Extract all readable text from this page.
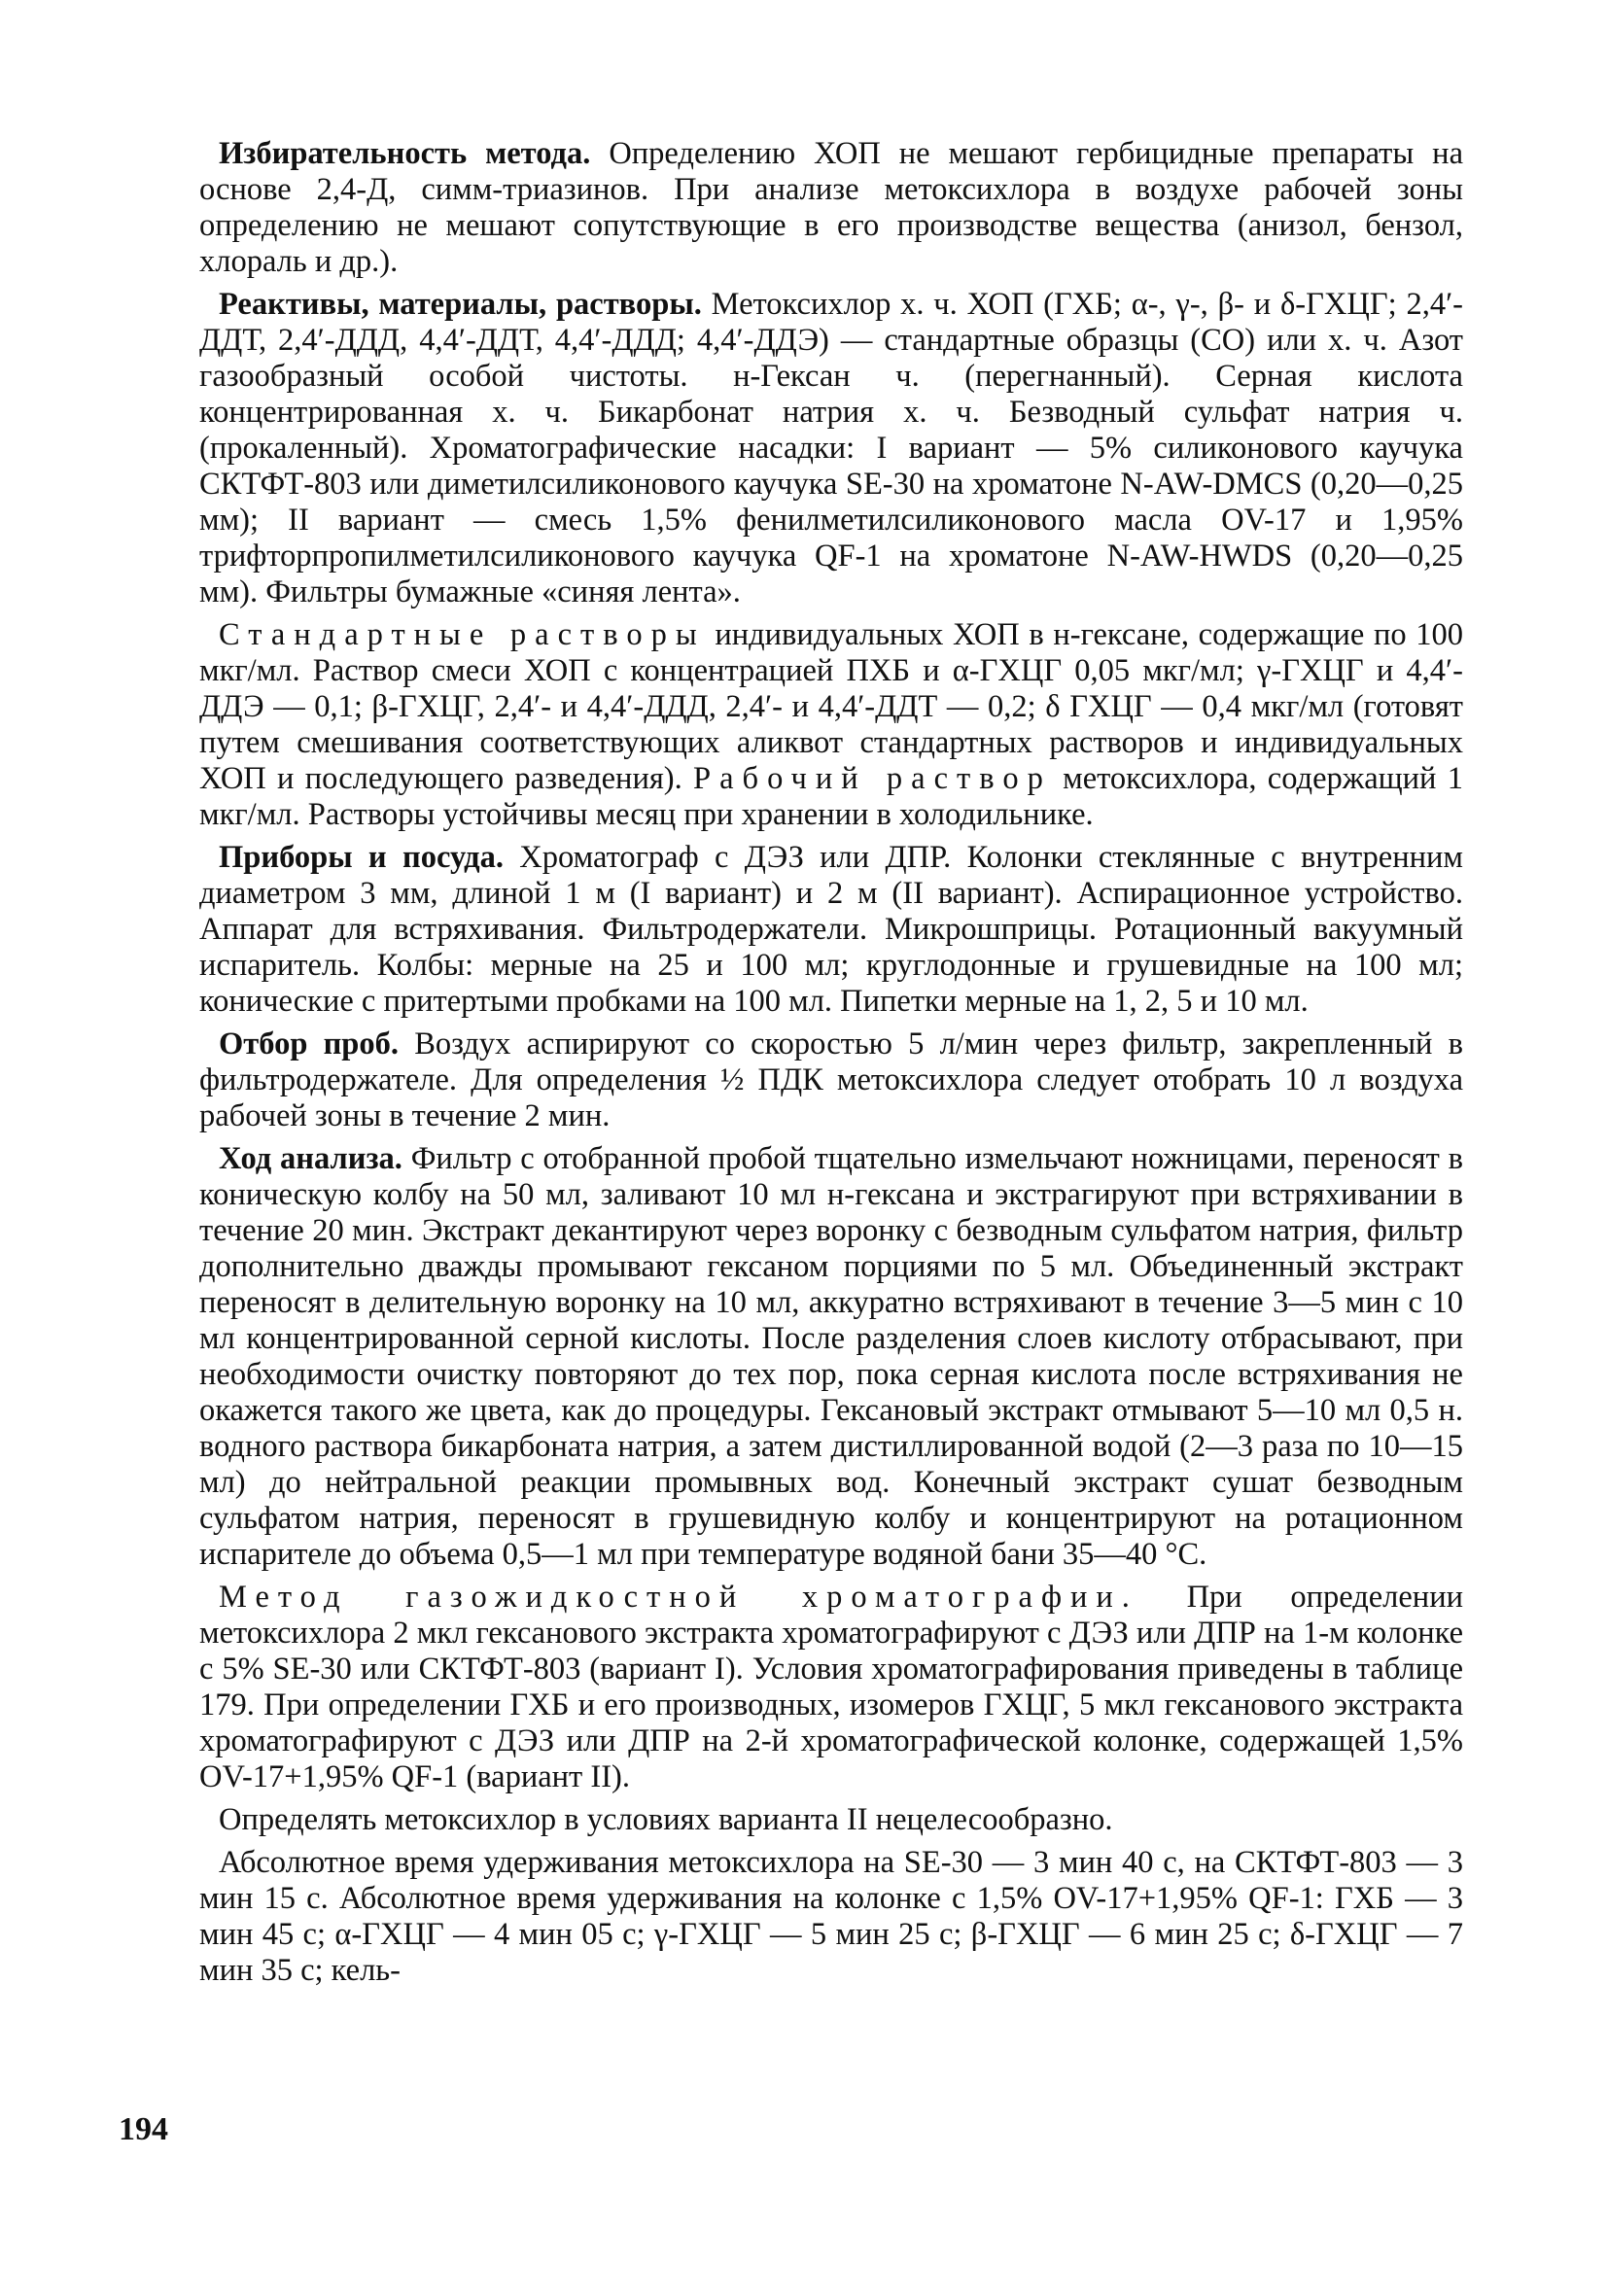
Избирательность метода. Определению ХОП не мешают гербицидные препараты на основе 2,4-Д, симм-триазинов. При анализе метоксихлора в воздухе рабочей зоны определению не мешают сопутствующие в его производстве вещества (анизол, бензол, хлораль и др.).

Реактивы, материалы, растворы. Метоксихлор х. ч. ХОП (ГХБ; α-, γ-, β- и δ-ГХЦГ; 2,4′-ДДТ, 2,4′-ДДД, 4,4′-ДДТ, 4,4′-ДДД; 4,4′-ДДЭ) — стандартные образцы (СО) или х. ч. Азот газообразный особой чистоты. н-Гексан ч. (перегнанный). Серная кислота концентрированная х. ч. Бикарбонат натрия х. ч. Безводный сульфат натрия ч. (прокаленный). Хроматографические насадки: I вариант — 5% силиконового каучука СКТФТ-803 или диметилсиликонового каучука SE-30 на хроматоне N-AW-DMCS (0,20—0,25 мм); II вариант — смесь 1,5% фенилметилсиликонового масла OV-17 и 1,95% трифторпропилметилсиликонового каучука QF-1 на хроматоне N-AW-HWDS (0,20—0,25 мм). Фильтры бумажные «синяя лента».

Стандартные растворы индивидуальных ХОП в н-гексане, содержащие по 100 мкг/мл. Раствор смеси ХОП с концентрацией ПХБ и α-ГХЦГ 0,05 мкг/мл; γ-ГХЦГ и 4,4′-ДДЭ — 0,1; β-ГХЦГ, 2,4′- и 4,4′-ДДД, 2,4′- и 4,4′-ДДТ — 0,2; δ ГХЦГ — 0,4 мкг/мл (готовят путем смешивания соответствующих аликвот стандартных растворов и индивидуальных ХОП и последующего разведения). Рабочий раствор метоксихлора, содержащий 1 мкг/мл. Растворы устойчивы месяц при хранении в холодильнике.

Приборы и посуда. Хроматограф с ДЭЗ или ДПР. Колонки стеклянные с внутренним диаметром 3 мм, длиной 1 м (I вариант) и 2 м (II вариант). Аспирационное устройство. Аппарат для встряхивания. Фильтродержатели. Микрошприцы. Ротационный вакуумный испаритель. Колбы: мерные на 25 и 100 мл; круглодонные и грушевидные на 100 мл; конические с притертыми пробками на 100 мл. Пипетки мерные на 1, 2, 5 и 10 мл.

Отбор проб. Воздух аспирируют со скоростью 5 л/мин через фильтр, закрепленный в фильтродержателе. Для определения ½ ПДК метоксихлора следует отобрать 10 л воздуха рабочей зоны в течение 2 мин.

Ход анализа. Фильтр с отобранной пробой тщательно измельчают ножницами, переносят в коническую колбу на 50 мл, заливают 10 мл н-гексана и экстрагируют при встряхивании в течение 20 мин. Экстракт декантируют через воронку с безводным сульфатом натрия, фильтр дополнительно дважды промывают гексаном порциями по 5 мл. Объединенный экстракт переносят в делительную воронку на 10 мл, аккуратно встряхивают в течение 3—5 мин с 10 мл концентрированной серной кислоты. После разделения слоев кислоту отбрасывают, при необходимости очистку повторяют до тех пор, пока серная кислота после встряхивания не окажется такого же цвета, как до процедуры. Гексановый экстракт отмывают 5—10 мл 0,5 н. водного раствора бикарбоната натрия, а затем дистиллированной водой (2—3 раза по 10—15 мл) до нейтральной реакции промывных вод. Конечный экстракт сушат безводным сульфатом натрия, переносят в грушевидную колбу и концентрируют на ротационном испарителе до объема 0,5—1 мл при температуре водяной бани 35—40 °С.

Метод газожидкостной хроматографии. При определении метоксихлора 2 мкл гексанового экстракта хроматографируют с ДЭЗ или ДПР на 1-м колонке с 5% SE-30 или СКТФТ-803 (вариант I). Условия хроматографирования приведены в таблице 179. При определении ГХБ и его производных, изомеров ГХЦГ, 5 мкл гексанового экстракта хроматографируют с ДЭЗ или ДПР на 2-й хроматографической колонке, содержащей 1,5% OV-17+1,95% QF-1 (вариант II).

Определять метоксихлор в условиях варианта II нецелесообразно.

Абсолютное время удерживания метоксихлора на SE-30 — 3 мин 40 с, на СКТФТ-803 — 3 мин 15 с. Абсолютное время удерживания на колонке с 1,5% OV-17+1,95% QF-1: ГХБ — 3 мин 45 с; α-ГХЦГ — 4 мин 05 с; γ-ГХЦГ — 5 мин 25 с; β-ГХЦГ — 6 мин 25 с; δ-ГХЦГ — 7 мин 35 с; кель-

194
